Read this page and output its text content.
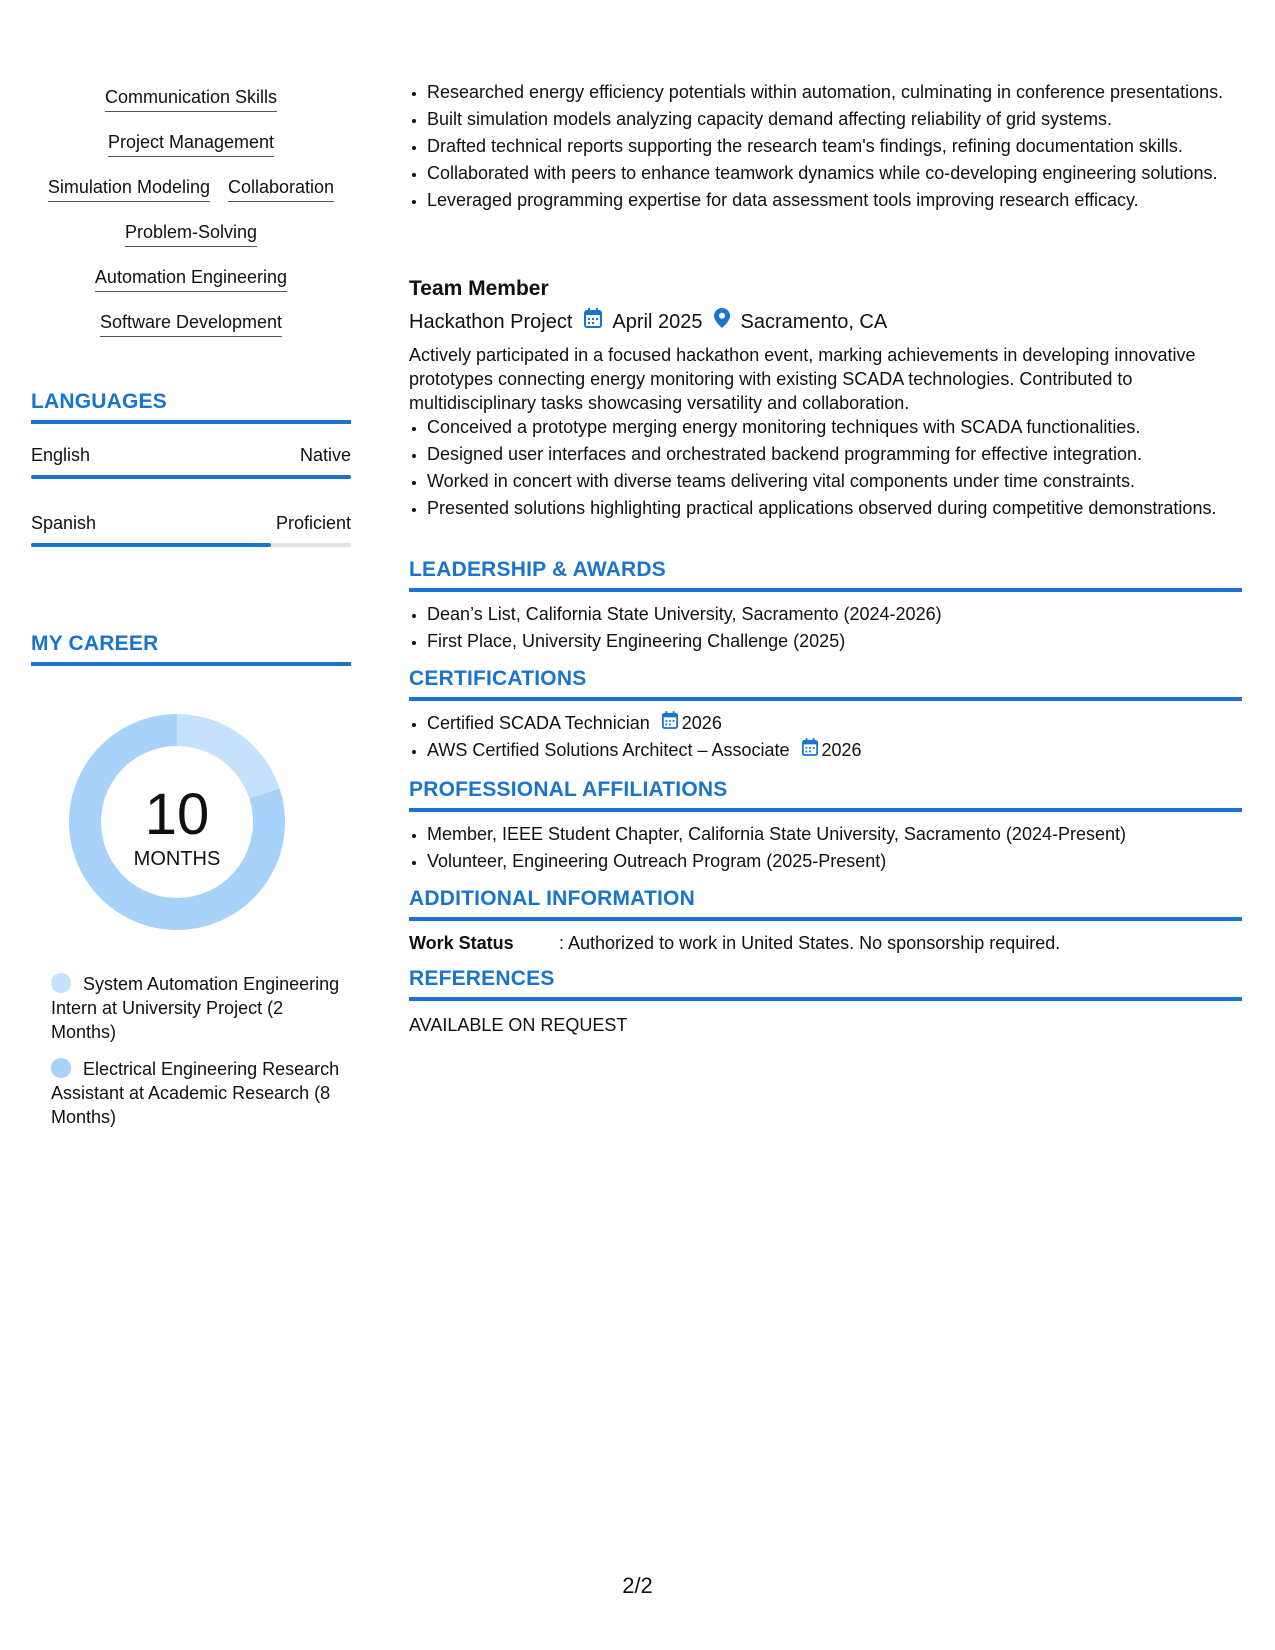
Communication Skills
Project Management
Simulation Modeling Collaboration
Problem-Solving
Automation Engineering
Software Development
LANGUAGES
English	Native
Spanish	Proficient
MY CAREER
10
MONTHS
System Automation Engineering Intern at University Project (2 Months)
Electrical Engineering Research Assistant at Academic Research (8 Months)
• Researched energy efficiency potentials within automation, culminating in conference presentations.
• Built simulation models analyzing capacity demand affecting reliability of grid systems.
• Drafted technical reports supporting the research team's findings, refining documentation skills.
• Collaborated with peers to enhance teamwork dynamics while co-developing engineering solutions.
• Leveraged programming expertise for data assessment tools improving research efficacy.
Team Member
Hackathon Project April 2025 Sacramento, CA
Actively participated in a focused hackathon event, marking achievements in developing innovative prototypes connecting energy monitoring with existing SCADA technologies. Contributed to multidisciplinary tasks showcasing versatility and collaboration.
• Conceived a prototype merging energy monitoring techniques with SCADA functionalities.
• Designed user interfaces and orchestrated backend programming for effective integration.
• Worked in concert with diverse teams delivering vital components under time constraints.
• Presented solutions highlighting practical applications observed during competitive demonstrations.
LEADERSHIP & AWARDS
• Dean’s List, California State University, Sacramento (2024-2026)
• First Place, University Engineering Challenge (2025)
CERTIFICATIONS
• Certified SCADA Technician 2026
• AWS Certified Solutions Architect – Associate 2026
PROFESSIONAL AFFILIATIONS
• Member, IEEE Student Chapter, California State University, Sacramento (2024-Present)
• Volunteer, Engineering Outreach Program (2025-Present)
ADDITIONAL INFORMATION
Work Status	: Authorized to work in United States. No sponsorship required.
REFERENCES
AVAILABLE ON REQUEST
2/2
